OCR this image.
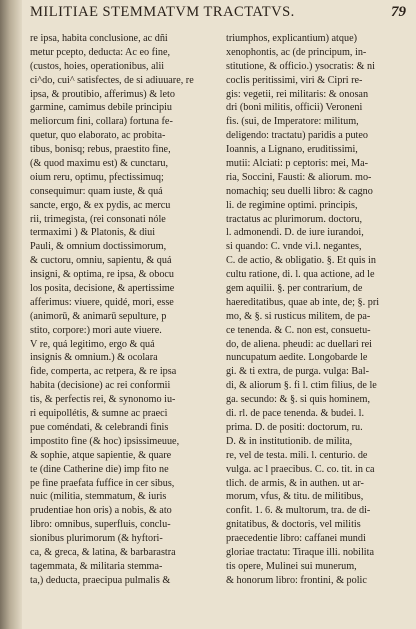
MILITIAE STEMMATVM TRACTATVS.	79
re ipsa, habita conclusione, ac dñi
metur pcepto, deducta: Ac eo fine,
(custos, hoies, operationibus, alii
ci^do, cui^ satisfectes, de si adiuuare, re
ipsa, & proutibio, afferimus) & leto
garmine, camimus debile principiu
meliorcum fini, collara) fortuna fe-
quetur, quo elaborato, ac probita-
tibus, bonisq; rebus, praestito fine,
(& quod maximu est) & cunctaru,
oium reru, optimu, pfectissimuq;
consequimur: quam iuste, & quá
sancte, ergo, & ex pydis, ac mercu
rii, trimegista, (rei consonati nóle
termaximi ) & Platonis, & diui
Pauli, & omnium doctissimorum,
& cuctoru, omniu, sapientu, & quá
insigni, & optima, re ipsa, & obocu
los posita, decisione, & apertissime
afferimus: viuere, quidé, mori, esse
(animorū, & animarū sepulture, p
stito, corpore:) mori aute viuere.
V re, quá legitimo, ergo & quá
insignis & omnium.) & ocolara
fide, comperta, ac retpera, & re ipsa
habita (decisione) ac rei conformii
tis, & perfectis rei, & synonomo iu-
ri equipollétis, & sumne ac praeci
pue coméndati, & celebrandi finis
impostito fine (& hoc) ipsissimeuue,
& sophie, atque sapientie, & quare
te (dine Catherine die) imp fito ne
pe fine praefata fuffice in cer sibus,
nuic (militia, stemmatum, & iuris
prudentiae hon oris) a nobis, & ato
libro: omnibus, superfluis, conclu-
sionibus plurimorum (& hyftori-
ca, & greca, & latina, & barbarastra
tagemmata, & militaria stemma-
ta,) deducta, praecipua pulmalis &
triumphos, explicantium) atque)
xenophontis, ac (de principum, in-
stitutione, & officio.) ysocratis: & ni
coclis peritissimi, viri & Cipri re-
gis: vegetii, rei militaris: & onosan
dri (boni militis, officii) Veroneni
fis. (sui, de Imperatore: militum,
deligendo: tractatu) paridis a puteo
Ioannis, a Lignano, eruditissimi,
mutii: Alciati: p ceptoris: mei, Ma-
ria, Soccini, Fausti: & aliorum. mo-
nomachiq; seu duelli libro: & cagno
li. de regimine optimi. principis,
tractatus ac plurimorum. doctoru,
l. admonendi. D. de iure iurandoi,
si quando: C. vnde vi.l. negantes,
C. de actio, & obligatio. §. Et quis in
cultu ratione, di. l. qua actione, ad le
gem aquilii. §. per contrarium, de
haereditatibus, quae ab inte, de; §. pri
mo, & §. si rusticus militem, de pa-
ce tenenda. & C. non est, consuetu-
do, de aliena. pheudi: ac duellari rei
nuncupatum aedite. Longobarde le
gi. & ti extra, de purga. vulga: Bal-
di, & aliorum §. fi l. ctim filius, de le
ga. secundo: & §. si quis hominem,
di. rl. de pace tenenda. & budei. l.
prima. D. de positi: doctorum, ru.
D. & in institutionib. de milita,
re, vel de testa. mili. l. centurio. de
vulga. ac l praecibus. C. co. tit. in ca
tlich. de armis, & in authen. ut ar-
morum, vfus, & titu. de militibus,
confit. 1. 6. & multorum, tra. de di-
gnitatibus, & doctoris, vel militis
praecedentie libro: caffanei mundi
gloriae tractatu: Tiraque illi. nobilita
tis opere, Mulinei sui munerum,
& honorum libro: frontini, & polic
